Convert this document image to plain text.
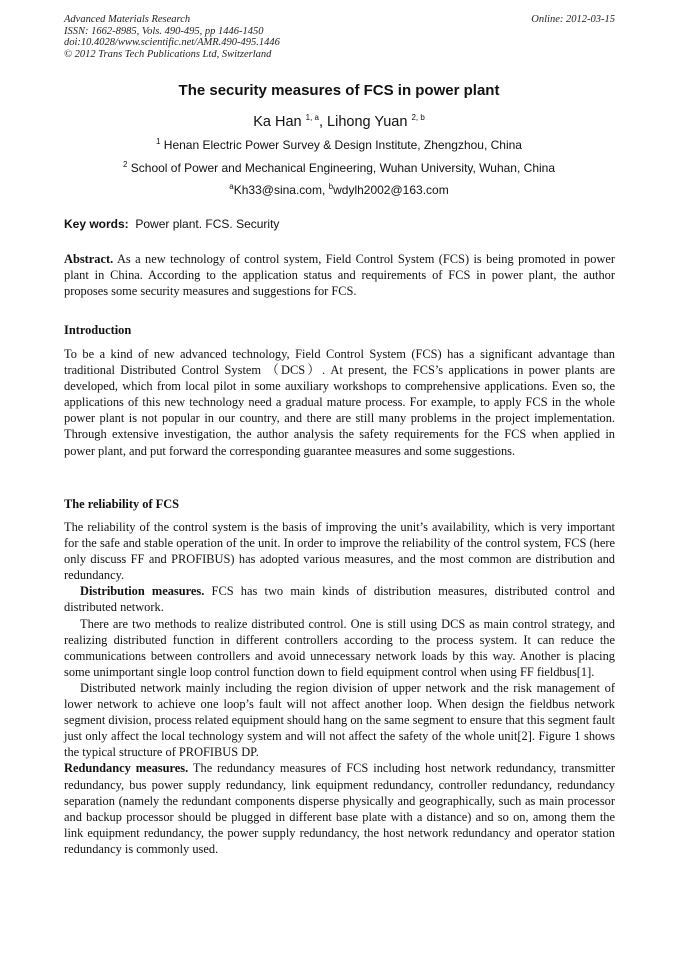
Advanced Materials Research
ISSN: 1662-8985, Vols. 490-495, pp 1446-1450
doi:10.4028/www.scientific.net/AMR.490-495.1446
© 2012 Trans Tech Publications Ltd, Switzerland
Online: 2012-03-15
The security measures of FCS in power plant
Ka Han $^{1, a}$, Lihong Yuan $^{2, b}$
$^1$ Henan Electric Power Survey & Design Institute, Zhengzhou, China
$^2$ School of Power and Mechanical Engineering, Wuhan University, Wuhan, China
$^a$Kh33@sina.com, $^b$wdylh2002@163.com
Key words: Power plant. FCS. Security

Abstract. As a new technology of control system, Field Control System (FCS) is being promoted in power plant in China. According to the application status and requirements of FCS in power plant, the author proposes some security measures and suggestions for FCS.

Introduction

To be a kind of new advanced technology, Field Control System (FCS) has a significant advantage than traditional Distributed Control System （DCS）. At present, the FCS’s applications in power plants are developed, which from local pilot in some auxiliary workshops to comprehensive applications. Even so, the applications of this new technology need a gradual mature process. For example, to apply FCS in the whole power plant is not popular in our country, and there are still many problems in the project implementation. Through extensive investigation, the author analysis the safety requirements for the FCS when applied in power plant, and put forward the corresponding guarantee measures and some suggestions.

The reliability of FCS

The reliability of the control system is the basis of improving the unit’s availability, which is very important for the safe and stable operation of the unit. In order to improve the reliability of the control system, FCS (here only discuss FF and PROFIBUS) has adopted various measures, and the most common are distribution and redundancy.

Distribution measures. FCS has two main kinds of distribution measures, distributed control and distributed network.

There are two methods to realize distributed control. One is still using DCS as main control strategy, and realizing distributed function in different controllers according to the process system. It can reduce the communications between controllers and avoid unnecessary network loads by this way. Another is placing some unimportant single loop control function down to field equipment control when using FF fieldbus[1].

Distributed network mainly including the region division of upper network and the risk management of lower network to achieve one loop’s fault will not affect another loop. When design the fieldbus network segment division, process related equipment should hang on the same segment to ensure that this segment fault just only affect the local technology system and will not affect the safety of the whole unit[2]. Figure 1 shows the typical structure of PROFIBUS DP.

Redundancy measures. The redundancy measures of FCS including host network redundancy, transmitter redundancy, bus power supply redundancy, link equipment redundancy, controller redundancy, redundancy separation (namely the redundant components disperse physically and geographically, such as main processor and backup processor should be plugged in different base plate with a distance) and so on, among them the link equipment redundancy, the power supply redundancy, the host network redundancy and operator station redundancy is commonly used.
